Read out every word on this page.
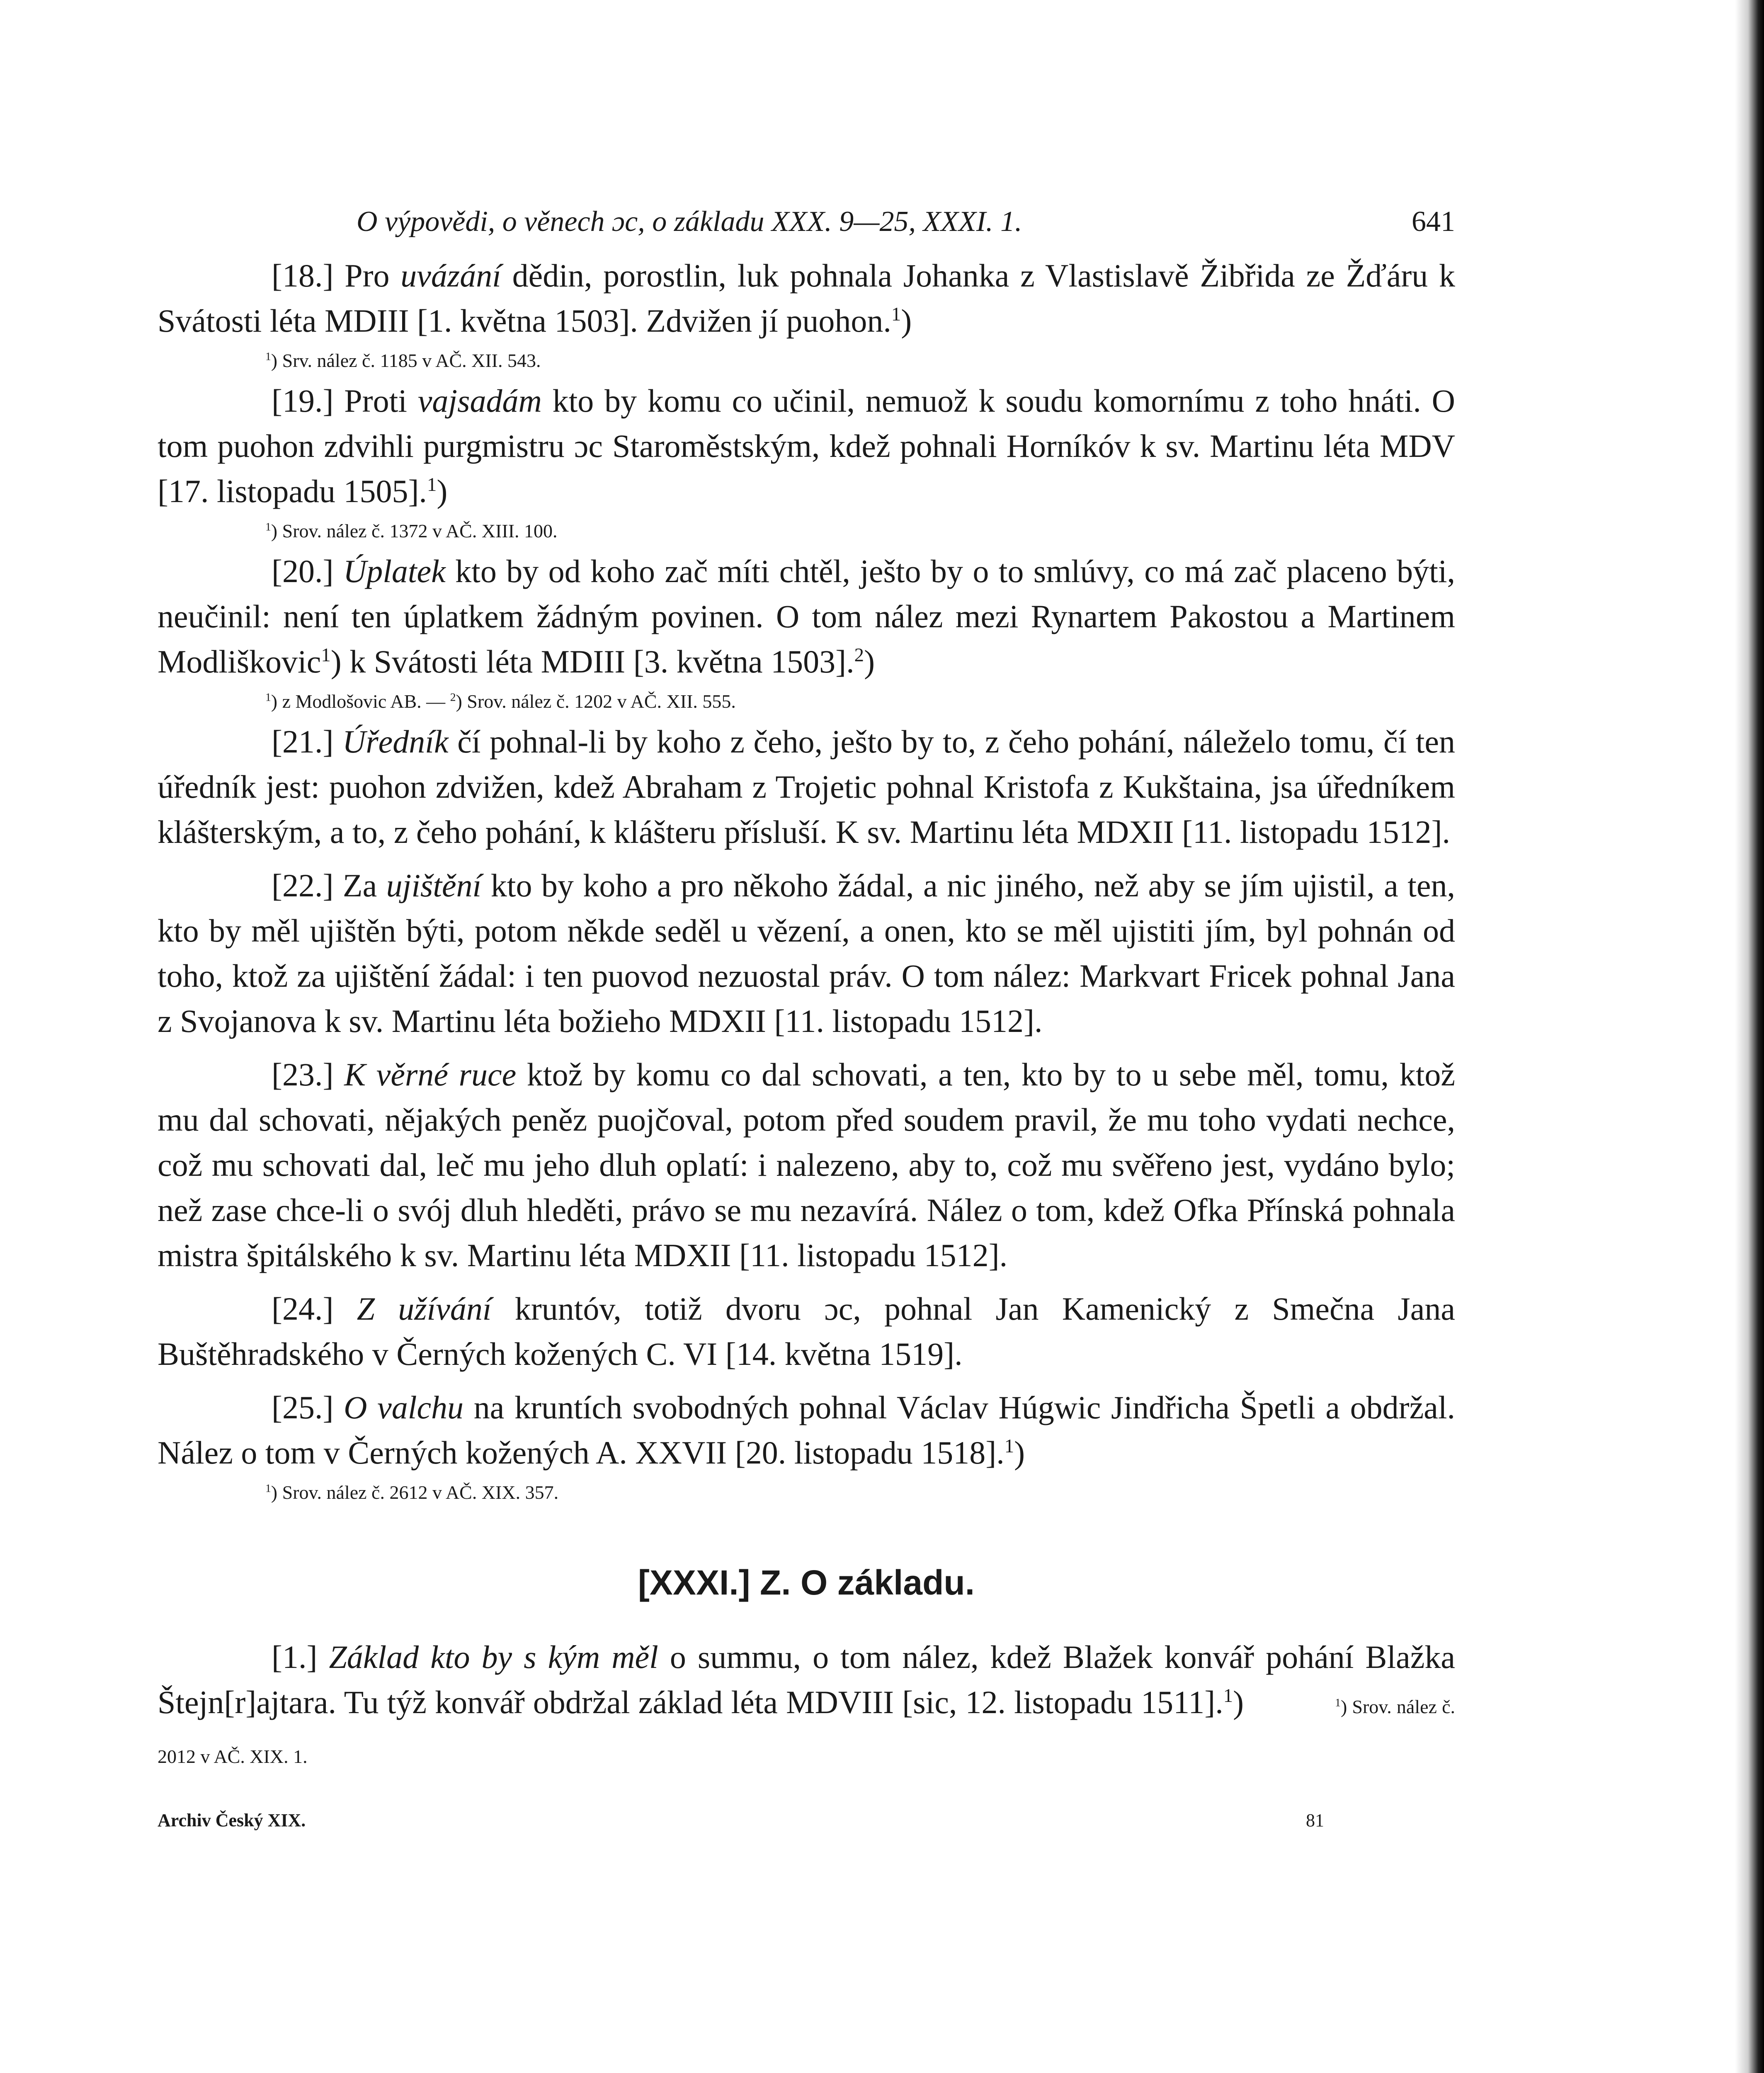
O výpovědi, o věnech ɔc, o základu XXX. 9—25, XXXI. 1.	641

[18.] Pro uvázání dědin, porostlin, luk pohnala Johanka z Vlastislavě Žibřida ze Žďáru k Svátosti léta MDIII [1. května 1503]. Zdvižen jí puohon.$^1$)

$^1$) Srv. nález č. 1185 v AČ. XII. 543.

[19.] Proti vajsadám kto by komu co učinil, nemuož k soudu komornímu z toho hnáti. O tom puohon zdvihli purgmistru ɔc Staroměstským, kdež pohnali Horníkóv k sv. Martinu léta MDV [17. listopadu 1505].$^1$)

$^1$) Srov. nález č. 1372 v AČ. XIII. 100.

[20.] Úplatek kto by od koho zač míti chtěl, ješto by o to smlúvy, co má zač placeno býti, neučinil: není ten úplatkem žádným povinen. O tom nález mezi Rynartem Pakostou a Martinem Modliškovic$^1$) k Svátosti léta MDIII [3. května 1503].$^2$)

$^1$) z Modlošovic AB. — $^2$) Srov. nález č. 1202 v AČ. XII. 555.

[21.] Úředník čí pohnal-li by koho z čeho, ješto by to, z čeho pohání, náleželo tomu, čí ten úředník jest: puohon zdvižen, kdež Abraham z Trojetic pohnal Kristofa z Kukštaina, jsa úředníkem klášterským, a to, z čeho pohání, k klášteru přísluší. K sv. Martinu léta MDXII [11. listopadu 1512].

[22.] Za ujištění kto by koho a pro někoho žádal, a nic jiného, než aby se jím ujistil, a ten, kto by měl ujištěn býti, potom někde seděl u vězení, a onen, kto se měl ujistiti jím, byl pohnán od toho, ktož za ujištění žádal: i ten puovod nezuostal práv. O tom nález: Markvart Fricek pohnal Jana z Svojanova k sv. Martinu léta božieho MDXII [11. listopadu 1512].

[23.] K věrné ruce ktož by komu co dal schovati, a ten, kto by to u sebe měl, tomu, ktož mu dal schovati, nějakých peněz puojčoval, potom před soudem pravil, že mu toho vydati nechce, což mu schovati dal, leč mu jeho dluh oplatí: i nalezeno, aby to, což mu svěřeno jest, vydáno bylo; než zase chce-li o svój dluh hleděti, právo se mu nezavírá. Nález o tom, kdež Ofka Přínská pohnala mistra špitálského k sv. Martinu léta MDXII [11. listopadu 1512].

[24.] Z užívání kruntóv, totiž dvoru ɔc, pohnal Jan Kamenický z Smečna Jana Buštěhradského v Černých kožených C. VI [14. května 1519].

[25.] O valchu na kruntích svobodných pohnal Václav Húgwic Jindřicha Špetli a obdržal. Nález o tom v Černých kožených A. XXVII [20. listopadu 1518].$^1$)

$^1$) Srov. nález č. 2612 v AČ. XIX. 357.
[XXXI.] Z. O základu.

[1.] Základ kto by s kým měl o summu, o tom nález, kdež Blažek konvář pohání Blažka Štejn[r]ajtara. Tu týž konvář obdržal základ léta MDVIII [sic, 12. listopadu 1511].$^1$)	$^1$) Srov. nález č. 2012 v AČ. XIX. 1.

Archiv Český XIX.	81
